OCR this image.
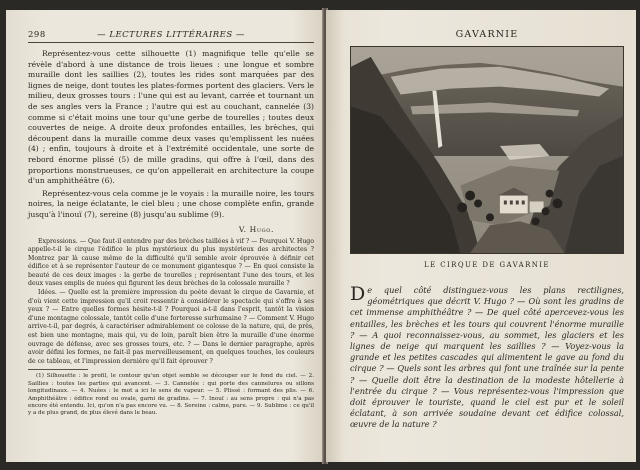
298	— LECTURES LITTÉRAIRES —

Représentez-vous cette silhouette (1) magnifique telle qu'elle se révèle d'abord à une distance de trois lieues : une longue et sombre muraille dont les saillies (2), toutes les rides sont marquées par des lignes de neige, dont toutes les plates-formes portent des glaciers. Vers le milieu, deux grosses tours : l'une qui est au levant, carrée et tournant un de ses angles vers la France ; l'autre qui est au couchant, cannelée (3) comme si c'était moins une tour qu'une gerbe de tourelles ; toutes deux couvertes de neige. A droite deux profondes entailles, les brèches, qui découpent dans la muraille comme deux vases qu'emplissent les nuées (4) ; enfin, toujours à droite et à l'extrémité occidentale, une sorte de rebord énorme plissé (5) de mille gradins, qui offre à l'œil, dans des proportions monstrueuses, ce qu'on appellerait en architecture la coupe d'un amphithéâtre (6).

Représentez-vous cela comme je le voyais : la muraille noire, les tours noires, la neige éclatante, le ciel bleu ; une chose complète enfin, grande jusqu'à l'inouï (7), sereine (8) jusqu'au sublime (9).

V. Hugo.

Expressions. — Que faut-il entendre par des brèches taillées à vif ? — Pourquoi V. Hugo appelle-t-il le cirque l'édifice le plus mystérieux du plus mystérieux des architectes ? Montrez par là cause même de la difficulté qu'il semble avoir éprouvée à définir cet édifice et à se représenter l'auteur de ce monument gigantesque ? — En quoi consiste la beauté de ces deux images : la gerbe de tourelles ; représentant l'une des tours, et les deux vases emplis de nuées qui figurent les deux brèches de la colossale muraille ?

Idées. — Quelle est la première impression du poète devant le cirque de Gavarnie, et d'où vient cette impression qu'il croit ressentir à considérer le spectacle qui s'offre à ses yeux ? — Entre quelles formes hésite-t-il ? Pourquoi a-t-il dans l'esprit, tantôt la vision d'une montagne colossale, tantôt celle d'une forteresse surhumaine ? — Comment V. Hugo arrive-t-il, par degrés, à caractériser admirablement ce colosse de la nature, qui, de près, est bien une montagne, mais qui, vu de loin, paraît bien être la muraille d'une énorme ouvrage de défense, avec ses grosses tours, etc. ? — Dans le dernier paragraphe, après avoir défini les formes, ne fait-il pas merveilleusement, en quelques touches, les couleurs de ce tableau, et l'impression dernière qu'il fait éprouver ?

(1) Silhouette : le profil, le contour qu'un objet semble se découper sur le fond du ciel. — 2. Saillies : toutes les parties qui avancent. — 3. Cannelée : qui porte des cannelures ou sillons longitudinaux. — 4. Nuées : le mot a ici le sens de vapeur. — 5. Plissé : formant des plis. — 6. Amphithéâtre : édifice rond ou ovale, garni de gradins. — 7. Inouï : au sens propre : qui n'a pas encore été entendu. Ici, qu'on n'a pas encore vu. — 8. Sereine : calme, pure. — 9. Sublime : ce qu'il y a de plus grand, de plus élevé dans le beau.

GAVARNIE
LE CIRQUE DE GAVARNIE

De quel côté distinguez-vous les plans rectilignes, géométriques que décrit V. Hugo ? — Où sont les gradins de cet immense amphithéâtre ? — De quel côté apercevez-vous les entailles, les brèches et les tours qui couvrent l'énorme muraille ? — A quoi reconnaissez-vous, au sommet, les glaciers et les lignes de neige qui marquent les saillies ? — Voyez-vous la grande et les petites cascades qui alimentent le gave au fond du cirque ? — Quels sont les arbres qui font une traînée sur la pente ? — Quelle doit être la destination de la modeste hôtellerie à l'entrée du cirque ? — Vous représentez-vous l'impression que doit éprouver le touriste, quand le ciel est pur et le soleil éclatant, à son arrivée soudaine devant cet édifice colossal, œuvre de la nature ?
